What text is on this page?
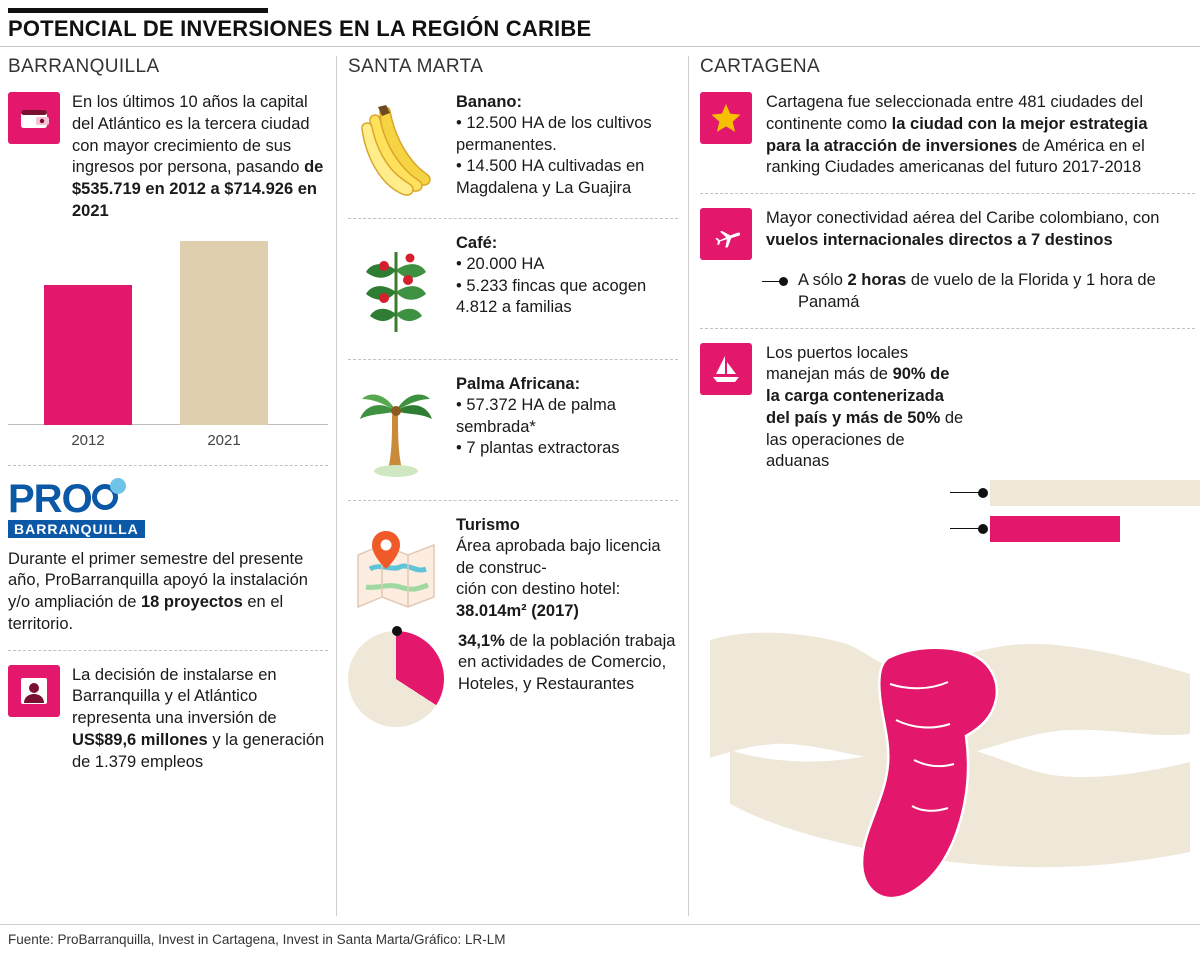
POTENCIAL DE INVERSIONES EN LA REGIÓN CARIBE
BARRANQUILLA
En los últimos 10 años la capital del Atlántico es la tercera ciudad con mayor crecimiento de sus ingresos por persona, pasando de $535.719 en 2012 a $714.926 en 2021
2012	2021
PRO
BARRANQUILLA
Durante el primer semestre del presente año, ProBarranquilla apoyó la instalación y/o ampliación de 18 proyectos en el territorio.
La decisión de instalarse en Barranquilla y el Atlántico representa una inversión de US$89,6 millones y la generación de 1.379 empleos
SANTA MARTA
Banano:
• 12.500 HA de los cultivos permanentes.
• 14.500 HA cultivadas en Magdalena y La Guajira
Café:
• 20.000 HA
• 5.233 fincas que acogen 4.812 a familias
Palma Africana:
• 57.372 HA de palma sembrada*
• 7 plantas extractoras
Turismo
Área aprobada bajo licencia de construc-
ción con destino hotel:
38.014m² (2017)
34,1% de la población trabaja en actividades de Comercio, Hoteles, y Restaurantes
CARTAGENA
Cartagena fue seleccionada entre 481 ciudades del continente como la ciudad con la mejor estrategia para la atracción de inversiones de América en el ranking Ciudades americanas del futuro 2017-2018
Mayor conectividad aérea del Caribe colombiano, con vuelos internacionales directos a 7 destinos
A sólo 2 horas de vuelo de la Florida y 1 hora de Panamá
Los puertos locales manejan más de 90% de la carga contenerizada del país y más de 50% de las operaciones de aduanas
Fuente: ProBarranquilla, Invest in Cartagena, Invest in Santa Marta/Gráfico: LR-LM
